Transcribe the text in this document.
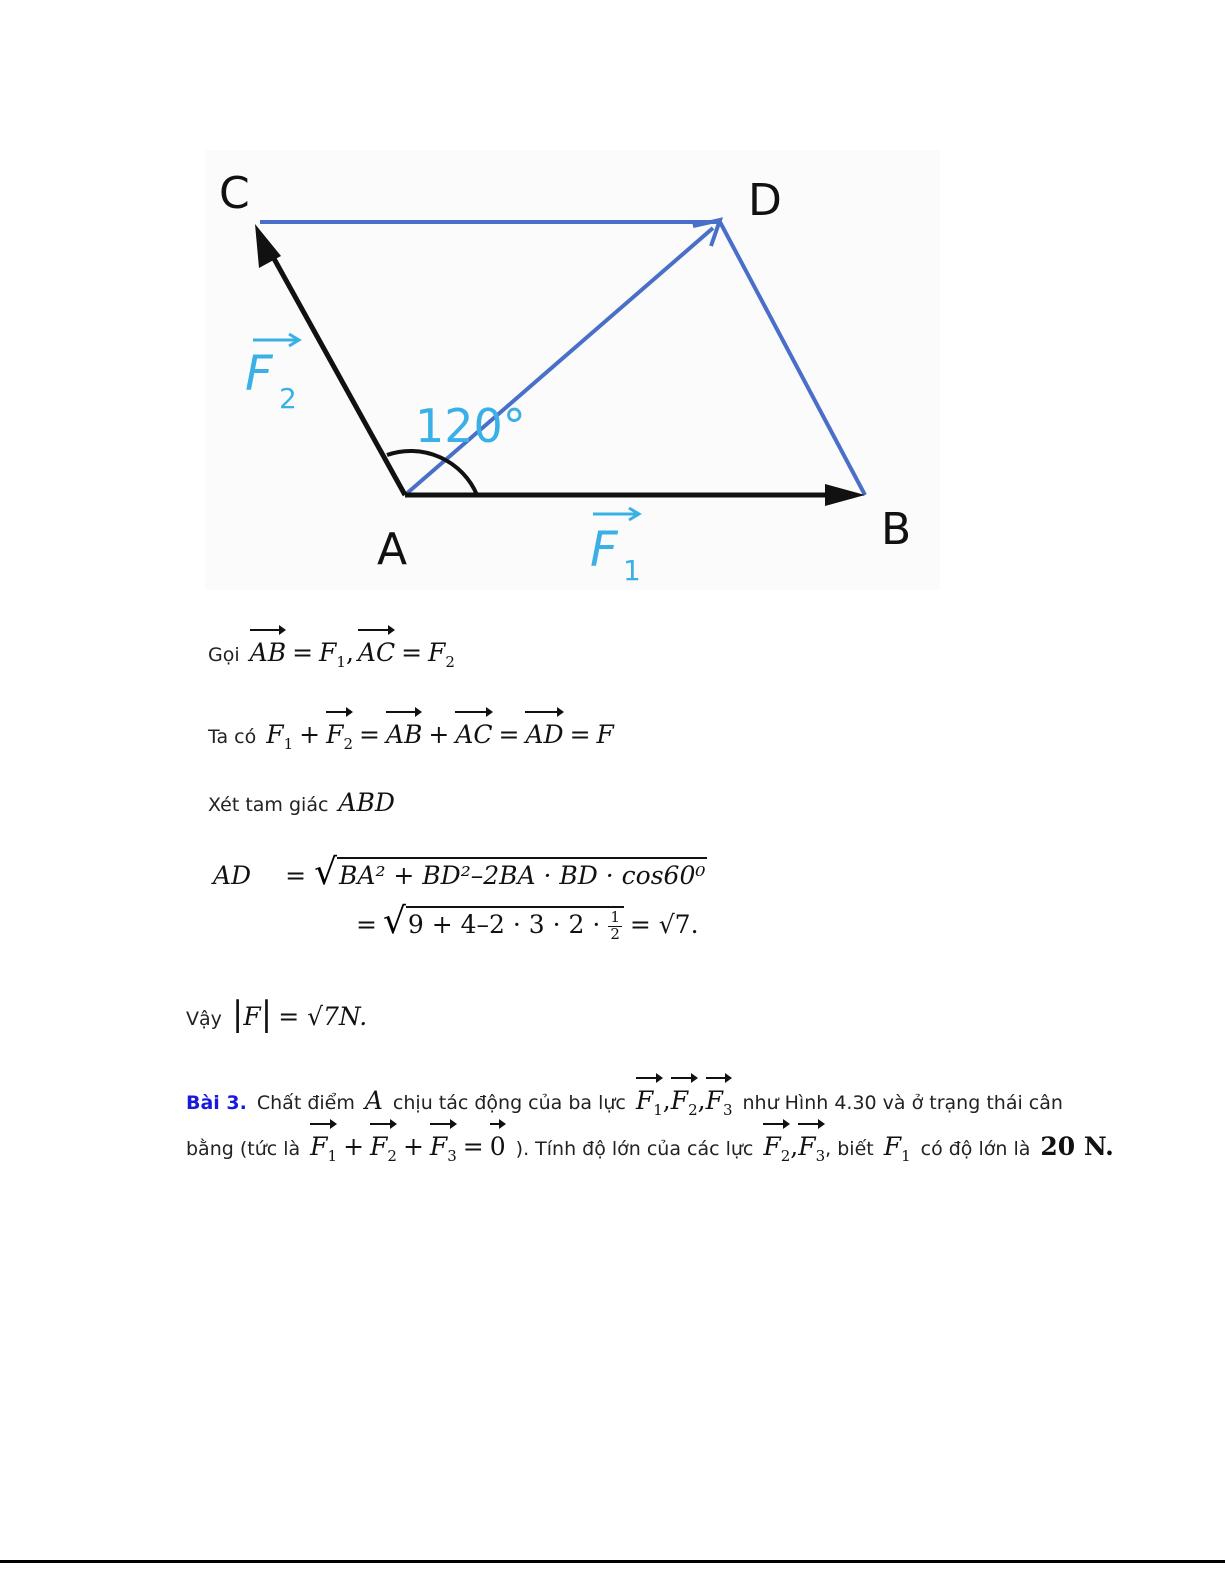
C	D
A	B
120°
F 2
F 1
Gọi AB = $F_1$ , AC = $F_2$
Ta có $F_1 + F_2$ = AB + AC = AD = F
Xét tam giác ABD
AD = √ BA² + BD²–2BA · BD · cos60⁰
= √ $9 + 4-2 \cdot 3 \cdot 2 \cdot \frac{1}{2} = √7$.
Vậy | F | = √7N.
Bài 3. Chất điểm A chịu tác động của ba lực $F_1$ , $F_2$ , $F_3$ như Hình 4.30 và ở trạng thái cân
bằng (tức là $F_1 + F_2 + F_3 = 0$ ). Tính độ lớn của các lực $F_2$ , $F_3$ , biết $F_1$ có độ lớn là 20 N.
